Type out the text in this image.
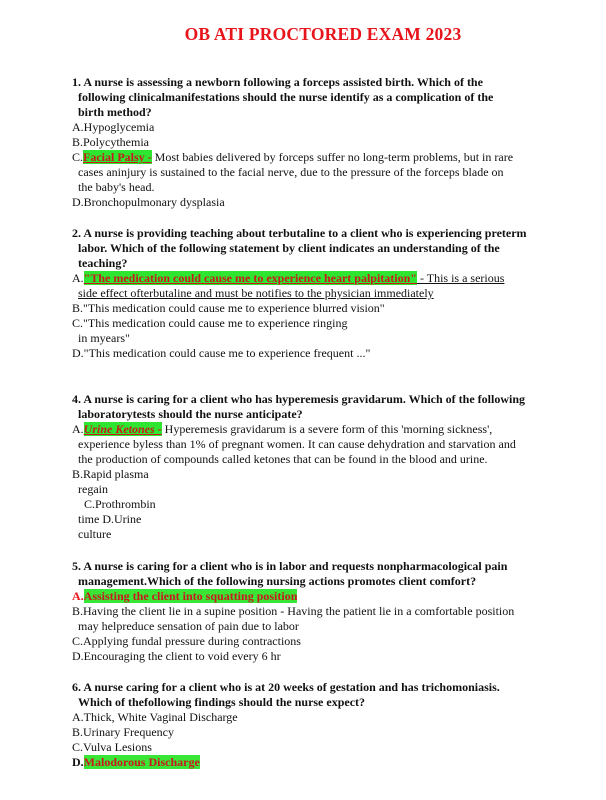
OB ATI PROCTORED EXAM 2023
1. A nurse is assessing a newborn following a forceps assisted birth. Which of the
following clinicalmanifestations should the nurse identify as a complication of the
birth method?
A.Hypoglycemia
B.Polycythemia
C.Facial Palsy - Most babies delivered by forceps suffer no long-term problems, but in rare
cases aninjury is sustained to the facial nerve, due to the pressure of the forceps blade on
the baby's head.
D.Bronchopulmonary dysplasia
2. A nurse is providing teaching about terbutaline to a client who is experiencing preterm
labor. Which of the following statement by client indicates an understanding of the
teaching?
A."The medication could cause me to experience heart palpitation" - This is a serious
side effect ofterbutaline and must be notifies to the physician immediately
B."This medication could cause me to experience blurred vision"
C."This medication could cause me to experience ringing
in myears"
D."This medication could cause me to experience frequent ..."
4. A nurse is caring for a client who has hyperemesis gravidarum. Which of the following
laboratorytests should the nurse anticipate?
A.Urine Ketones - Hyperemesis gravidarum is a severe form of this 'morning sickness',
experience byless than 1% of pregnant women. It can cause dehydration and starvation and
the production of compounds called ketones that can be found in the blood and urine.
B.Rapid plasma
regain
C.Prothrombin
time D.Urine
culture
5. A nurse is caring for a client who is in labor and requests nonpharmacological pain
management.Which of the following nursing actions promotes client comfort?
A.Assisting the client into squatting position
B.Having the client lie in a supine position - Having the patient lie in a comfortable position
may helpreduce sensation of pain due to labor
C.Applying fundal pressure during contractions
D.Encouraging the client to void every 6 hr
6. A nurse caring for a client who is at 20 weeks of gestation and has trichomoniasis.
Which of thefollowing findings should the nurse expect?
A.Thick, White Vaginal Discharge
B.Urinary Frequency
C.Vulva Lesions
D.Malodorous Discharge
